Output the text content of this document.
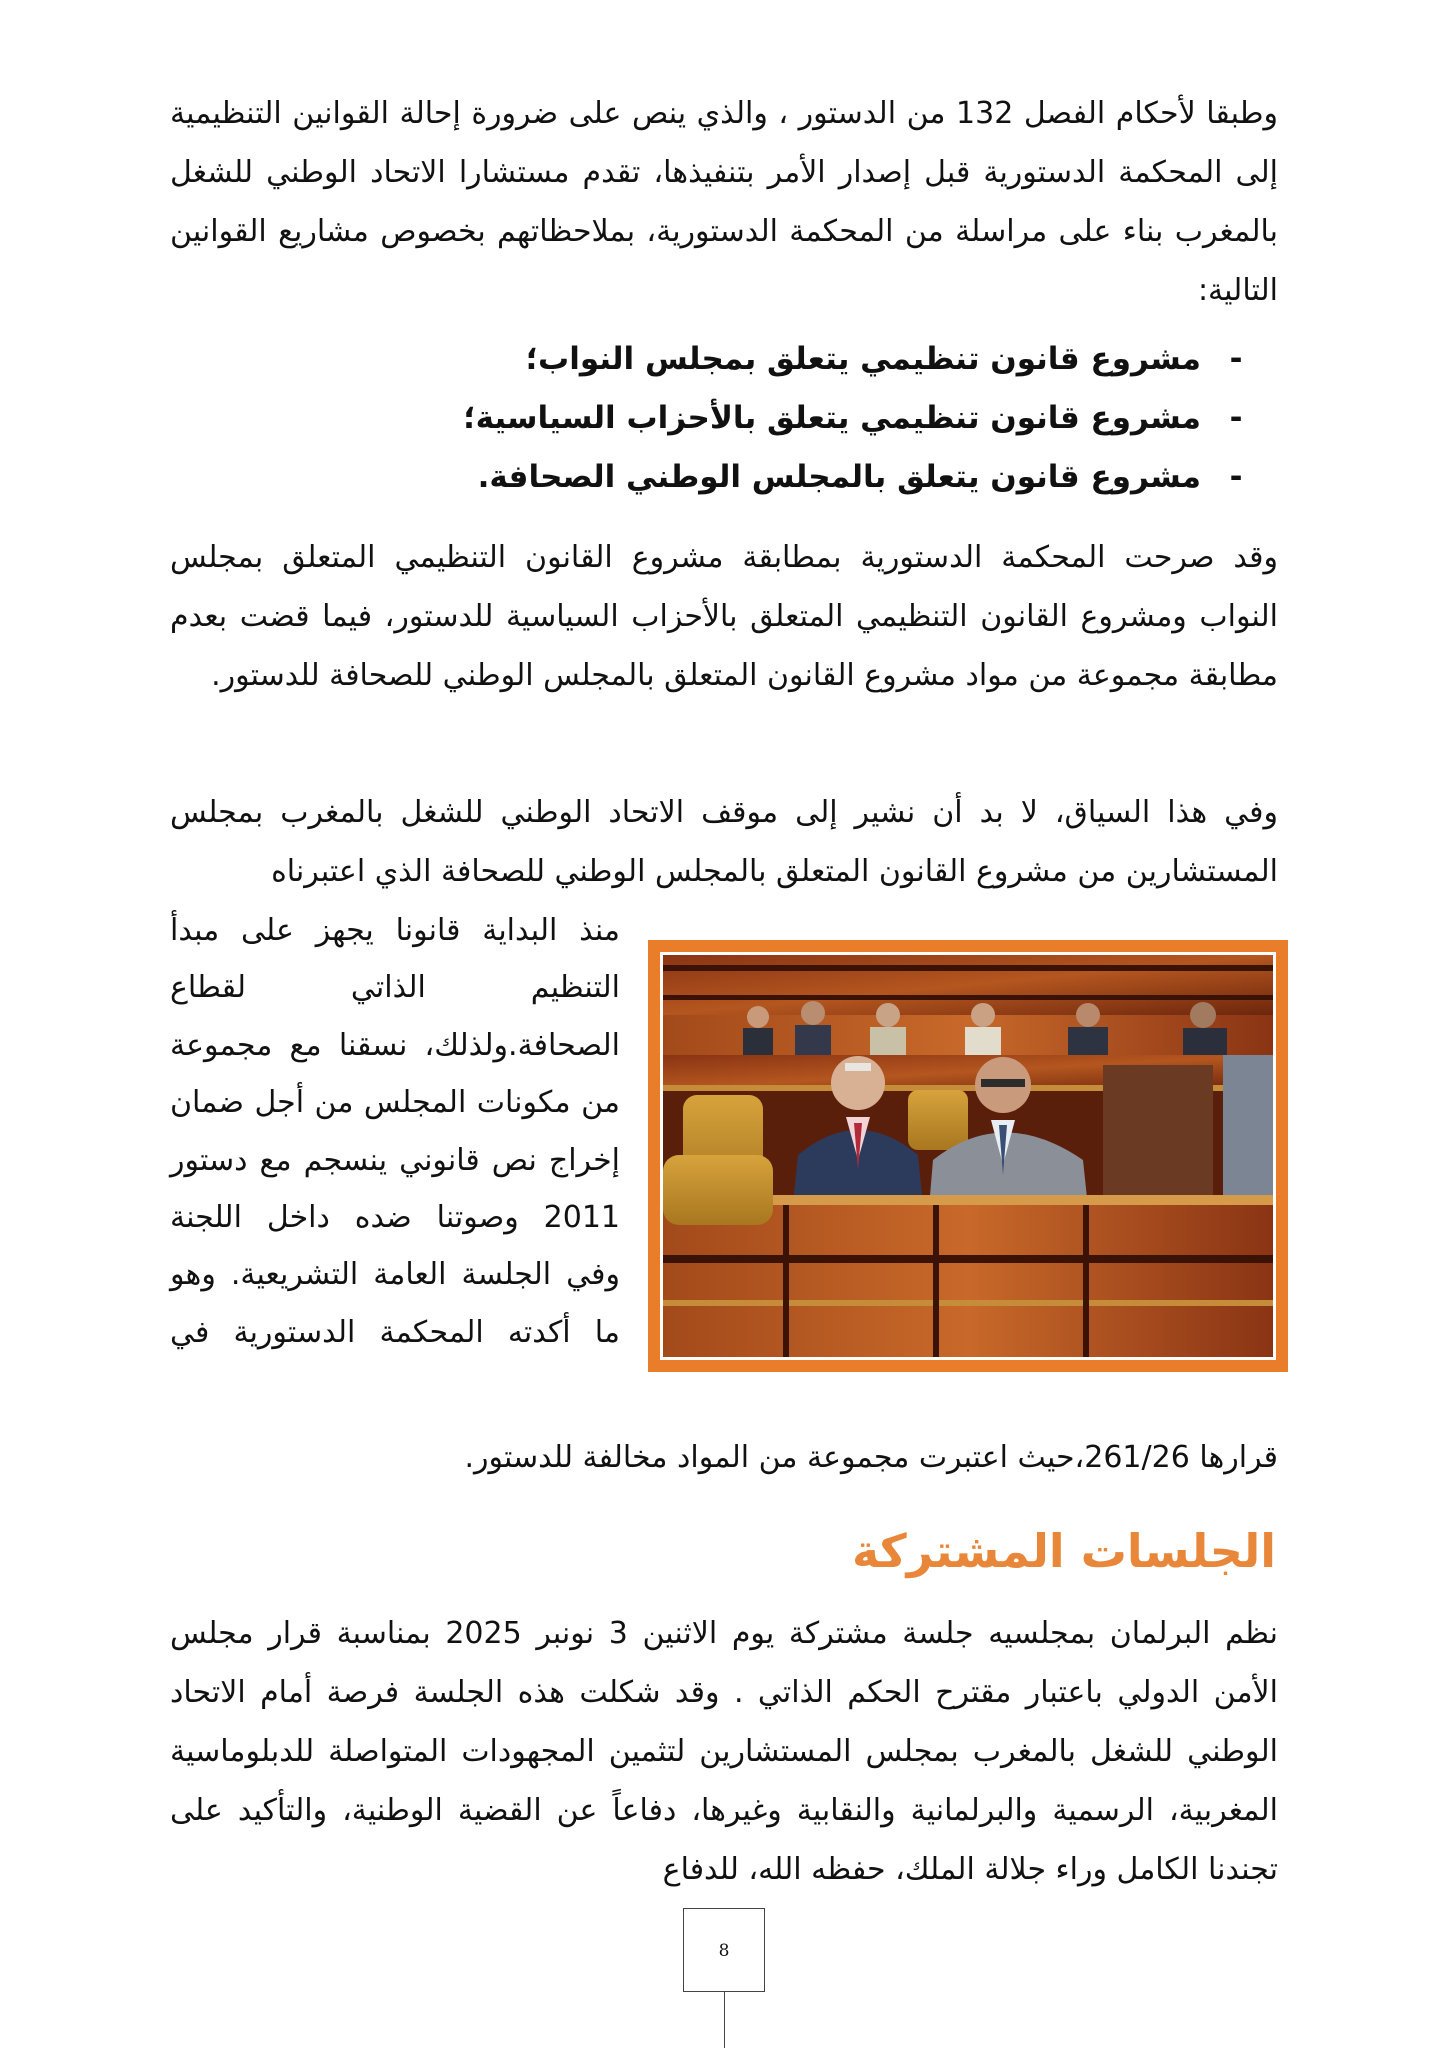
وطبقا لأحكام الفصل 132 من الدستور ، والذي ينص على ضرورة إحالة القوانين التنظيمية إلى المحكمة الدستورية قبل إصدار الأمر بتنفيذها، تقدم مستشارا الاتحاد الوطني للشغل بالمغرب بناء على مراسلة من المحكمة الدستورية، بملاحظاتهم بخصوص مشاريع القوانين التالية:

-مشروع قانون تنظيمي يتعلق بمجلس النواب؛
-مشروع قانون تنظيمي يتعلق بالأحزاب السياسية؛
-مشروع قانون يتعلق بالمجلس الوطني الصحافة.

وقد صرحت المحكمة الدستورية بمطابقة مشروع القانون التنظيمي المتعلق بمجلس النواب ومشروع القانون التنظيمي المتعلق بالأحزاب السياسية للدستور، فيما قضت بعدم مطابقة مجموعة من مواد مشروع القانون المتعلق بالمجلس الوطني للصحافة للدستور.

وفي هذا السياق، لا بد أن نشير إلى موقف الاتحاد الوطني للشغل بالمغرب بمجلس المستشارين من مشروع القانون المتعلق بالمجلس الوطني للصحافة الذي اعتبرناه

منذ البداية قانونا يجهز على مبدأ التنظيم الذاتي لقطاع الصحافة.ولذلك، نسقنا مع مجموعة من مكونات المجلس من أجل ضمان إخراج نص قانوني ينسجم مع دستور 2011 وصوتنا ضده داخل اللجنة وفي الجلسة العامة التشريعية. وهو ما أكدته المحكمة الدستورية في

قرارها 261/26،حيث اعتبرت مجموعة من المواد مخالفة للدستور.

الجلسات المشتركة

نظم البرلمان بمجلسيه جلسة مشتركة يوم الاثنين 3 نونبر 2025 بمناسبة قرار مجلس الأمن الدولي باعتبار مقترح الحكم الذاتي . وقد شكلت هذه الجلسة فرصة أمام الاتحاد الوطني للشغل بالمغرب بمجلس المستشارين لتثمين المجهودات المتواصلة للدبلوماسية المغربية، الرسمية والبرلمانية والنقابية وغيرها، دفاعاً عن القضية الوطنية، والتأكيد على تجندنا الكامل وراء جلالة الملك، حفظه الله، للدفاع

8
